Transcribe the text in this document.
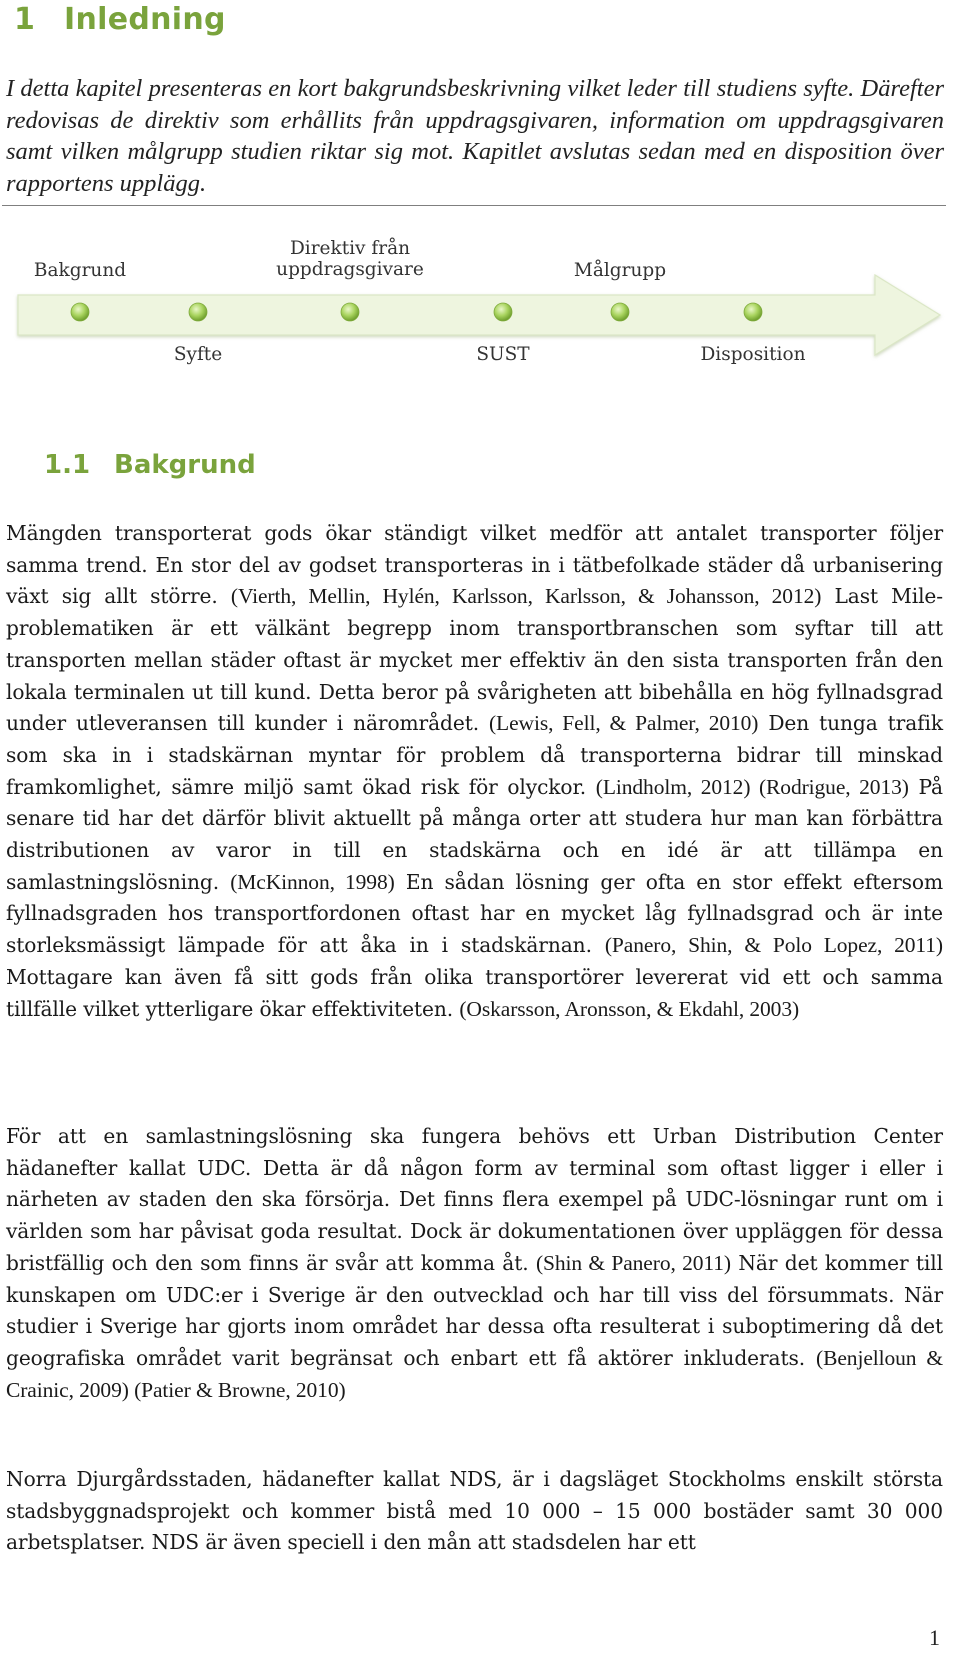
1 Inledning

I detta kapitel presenteras en kort bakgrundsbeskrivning vilket leder till studiens syfte. Därefter redovisas de direktiv som erhållits från uppdragsgivaren, information om uppdragsgivaren samt vilken målgrupp studien riktar sig mot. Kapitlet avslutas sedan med en disposition över rapportens upplägg.

Bakgrund
Direktiv från
uppdragsgivare	Målgrupp
Syfte	SUST	Disposition
1.1 Bakgrund

Mängden transporterat gods ökar ständigt vilket medför att antalet transporter följer samma trend. En stor del av godset transporteras in i tätbefolkade städer då urbanisering växt sig allt större. (Vierth, Mellin, Hylén, Karlsson, Karlsson, & Johansson, 2012) Last Mile-problematiken är ett välkänt begrepp inom transportbranschen som syftar till att transporten mellan städer oftast är mycket mer effektiv än den sista transporten från den lokala terminalen ut till kund. Detta beror på svårigheten att bibehålla en hög fyllnadsgrad under utleveransen till kunder i närområdet. (Lewis, Fell, & Palmer, 2010) Den tunga trafik som ska in i stadskärnan myntar för problem då transporterna bidrar till minskad framkomlighet, sämre miljö samt ökad risk för olyckor. (Lindholm, 2012) (Rodrigue, 2013) På senare tid har det därför blivit aktuellt på många orter att studera hur man kan förbättra distributionen av varor in till en stadskärna och en idé är att tillämpa en samlastningslösning. (McKinnon, 1998) En sådan lösning ger ofta en stor effekt eftersom fyllnadsgraden hos transportfordonen oftast har en mycket låg fyllnadsgrad och är inte storleksmässigt lämpade för att åka in i stadskärnan. (Panero, Shin, & Polo Lopez, 2011) Mottagare kan även få sitt gods från olika transportörer levererat vid ett och samma tillfälle vilket ytterligare ökar effektiviteten. (Oskarsson, Aronsson, & Ekdahl, 2003)

För att en samlastningslösning ska fungera behövs ett Urban Distribution Center hädanefter kallat UDC. Detta är då någon form av terminal som oftast ligger i eller i närheten av staden den ska försörja. Det finns flera exempel på UDC-lösningar runt om i världen som har påvisat goda resultat. Dock är dokumentationen över uppläggen för dessa bristfällig och den som finns är svår att komma åt. (Shin & Panero, 2011) När det kommer till kunskapen om UDC:er i Sverige är den outvecklad och har till viss del försummats. När studier i Sverige har gjorts inom området har dessa ofta resulterat i suboptimering då det geografiska området varit begränsat och enbart ett få aktörer inkluderats. (Benjelloun & Crainic, 2009) (Patier & Browne, 2010)

Norra Djurgårdsstaden, hädanefter kallat NDS, är i dagsläget Stockholms enskilt största stadsbyggnadsprojekt och kommer bistå med 10 000 – 15 000 bostäder samt 30 000 arbetsplatser. NDS är även speciell i den mån att stadsdelen har ett

1
